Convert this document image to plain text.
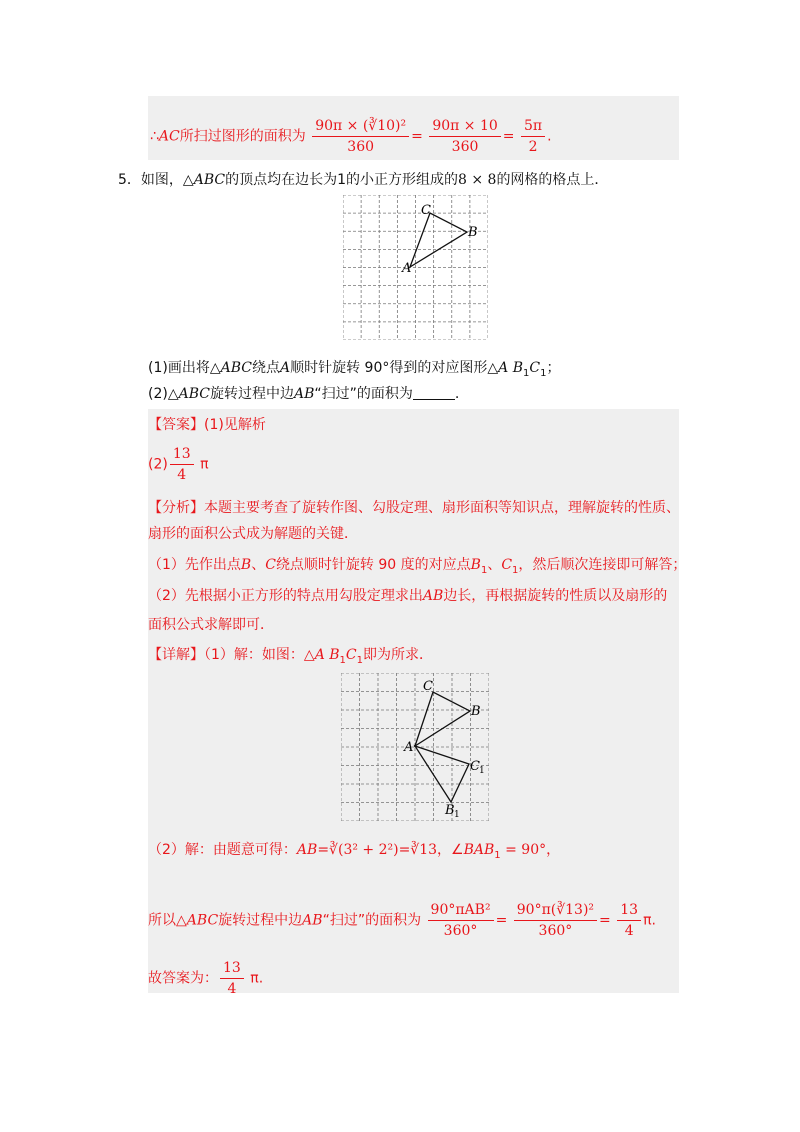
∴AC所扫过图形的面积为 $\frac{\text{90π × (∛10)²}}{360} = \frac{90\pi \times 10}{360} = \frac{5\pi}{2}$ .
5．如图，△ABC的顶点均在边长为1的小正方形组成的8 × 8的网格的格点上．
C
B
A
(1)画出将△ABC绕点A顺时针旋转 90°得到的对应图形△A $B_1C_1$；
(2)△ABC旋转过程中边AB“扫过”的面积为	.
【答案】(1)见解析
$(2) \frac{13}{4}$ π
【分析】本题主要考查了旋转作图、勾股定理、扇形面积等知识点，理解旋转的性质、
扇形的面积公式成为解题的关键．
（1）先作出点B、C绕点顺时针旋转 90 度的对应点$B_1$、$C_1$，然后顺次连接即可解答；
（2）先根据小正方形的特点用勾股定理求出AB边长，再根据旋转的性质以及扇形的
面积公式求解即可．
【详解】（1）解：如图：△A $B_1C_1$即为所求．
C
B
A
C 1
B 1
（2）解：由题意可得：AB=∛(3² + 2²)=∛13，$\angle BAB_1 = 90^\circ$，
所以△ABC旋转过程中边AB“扫过”的面积为 $\frac{\text{90°πAB²}}{360^\circ} = \frac{\text{90°π(∛13)²}}{360^\circ} = \frac{13}{4} \pi$.
故答案为： $\frac{13}{4} \pi$.
